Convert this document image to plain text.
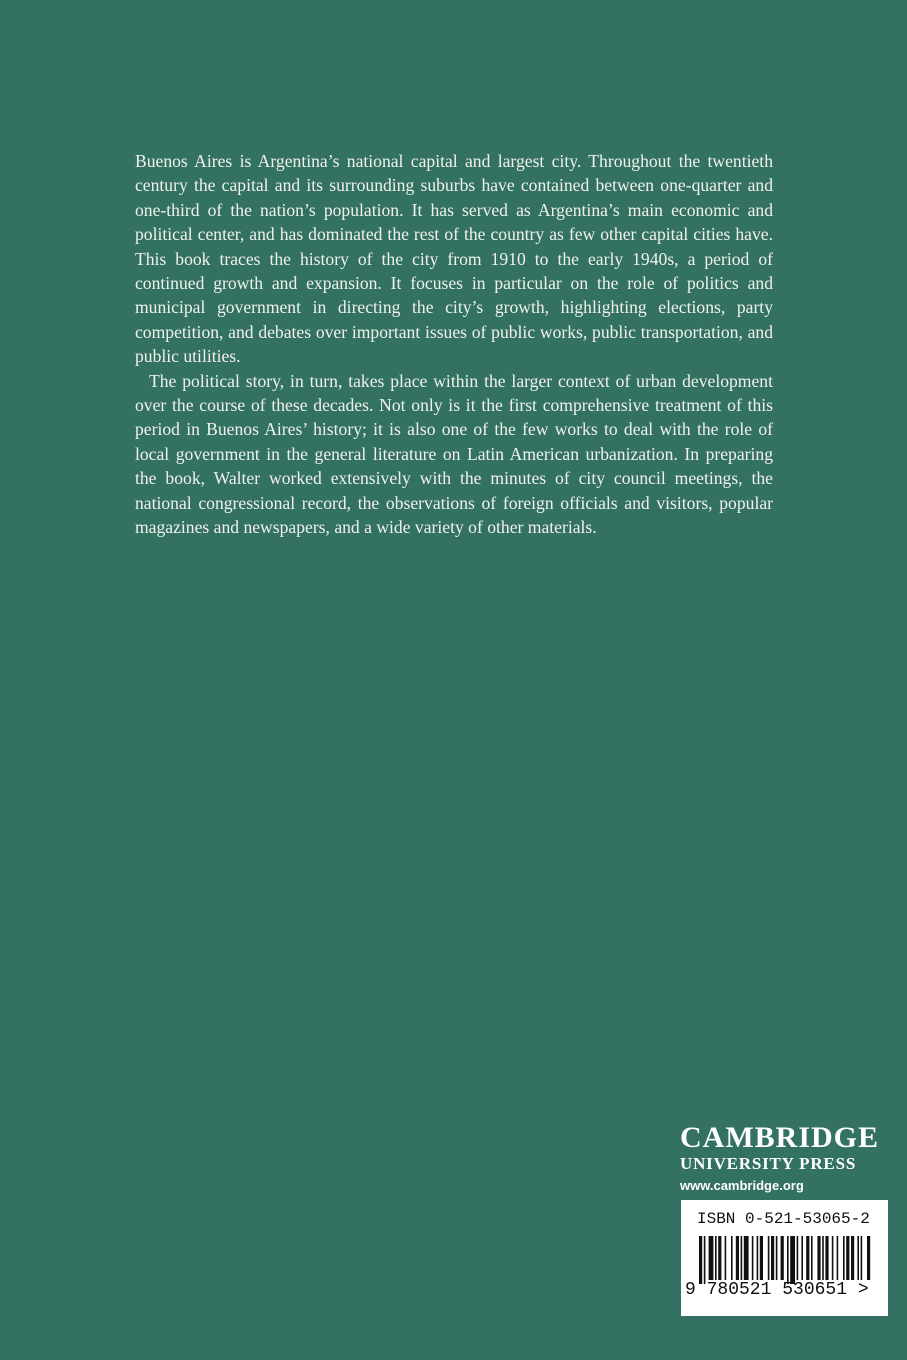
Buenos Aires is Argentina’s national capital and largest city. Throughout the twentieth century the capital and its surrounding suburbs have contained between one-quarter and one-third of the nation’s population. It has served as Argentina’s main economic and political center, and has dominated the rest of the country as few other capital cities have. This book traces the history of the city from 1910 to the early 1940s, a period of continued growth and expansion. It focuses in particular on the role of politics and municipal government in directing the city’s growth, highlighting elections, party competition, and debates over important issues of public works, public transportation, and public utilities.

The political story, in turn, takes place within the larger context of urban development over the course of these decades. Not only is it the first comprehensive treatment of this period in Buenos Aires’ history; it is also one of the few works to deal with the role of local government in the general literature on Latin American urbanization. In preparing the book, Walter worked extensively with the minutes of city council meetings, the national congressional record, the observations of foreign officials and visitors, popular magazines and newspapers, and a wide variety of other materials.

CAMBRIDGE
UNIVERSITY PRESS
www.cambridge.org
ISBN 0-521-53065-2
9 780521 530651 >
